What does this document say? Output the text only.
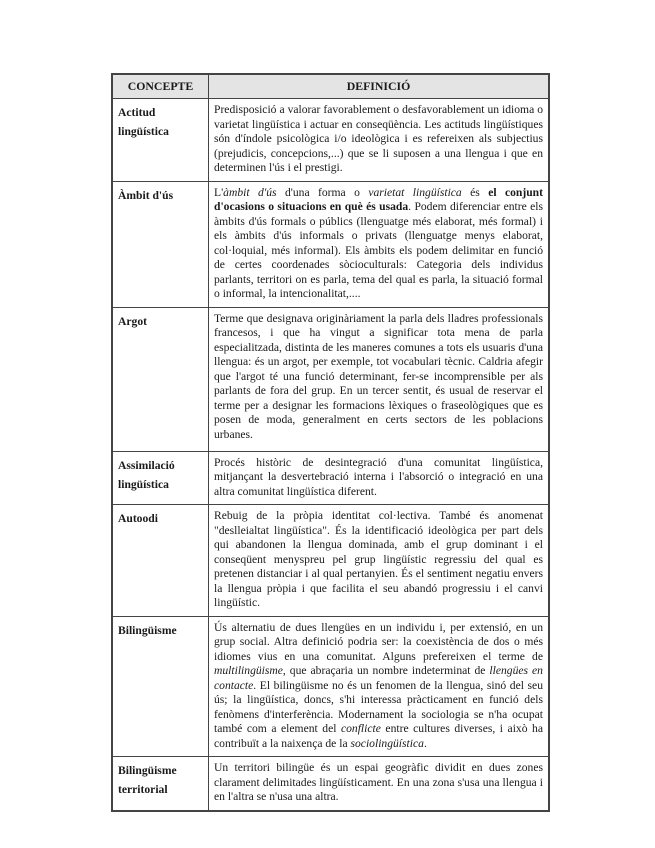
CONCEPTE	DEFINICIÓ
Actitud lingüística	Predisposició a valorar favorablement o desfavorablement un idioma o varietat lingüística i actuar en conseqüència. Les actituds lingüístiques són d'índole psicològica i/o ideològica i es refereixen als subjectius (prejudicis, concepcions,...) que se li suposen a una llengua i que en determinen l'ús i el prestigi.
Àmbit d'ús	L'àmbit d'ús d'una forma o varietat lingüística és el conjunt d'ocasions o situacions en què és usada. Podem diferenciar entre els àmbits d'ús formals o públics (llenguatge més elaborat, més formal) i els àmbits d'ús informals o privats (llenguatge menys elaborat, col·loquial, més informal). Els àmbits els podem delimitar en funció de certes coordenades sòcioculturals: Categoria dels individus parlants, territori on es parla, tema del qual es parla, la situació formal o informal, la intencionalitat,....
Argot	Terme que designava originàriament la parla dels lladres professionals francesos, i que ha vingut a significar tota mena de parla especialitzada, distinta de les maneres comunes a tots els usuaris d'una llengua: és un argot, per exemple, tot vocabulari tècnic. Caldria afegir que l'argot té una funció determinant, fer-se incomprensible per als parlants de fora del grup. En un tercer sentit, és usual de reservar el terme per a designar les formacions lèxiques o fraseològiques que es posen de moda, generalment en certs sectors de les poblacions urbanes.
Assimilació lingüística	Procés històric de desintegració d'una comunitat lingüística, mitjançant la desvertebració interna i l'absorció o integració en una altra comunitat lingüística diferent.
Autoodi	Rebuig de la pròpia identitat col·lectiva. També és anomenat "deslleialtat lingüística". És la identificació ideològica per part dels qui abandonen la llengua dominada, amb el grup dominant i el conseqüent menyspreu pel grup lingüístic regressiu del qual es pretenen distanciar i al qual pertanyien. És el sentiment negatiu envers la llengua pròpia i que facilita el seu abandó progressiu i el canvi lingüístic.
Bilingüisme	Ús alternatiu de dues llengües en un individu i, per extensió, en un grup social. Altra definició podria ser: la coexistència de dos o més idiomes vius en una comunitat. Alguns prefereixen el terme de multilingüisme, que abraçaria un nombre indeterminat de llengües en contacte. El bilingüisme no és un fenomen de la llengua, sinó del seu ús; la lingüística, doncs, s'hi interessa pràcticament en funció dels fenòmens d'interferència. Modernament la sociologia se n'ha ocupat també com a element del conflicte entre cultures diverses, i això ha contribuït a la naixença de la sociolingüística.
Bilingüisme territorial	Un territori bilingüe és un espai geogràfic dividit en dues zones clarament delimitades lingüísticament. En una zona s'usa una llengua i en l'altra se n'usa una altra.
